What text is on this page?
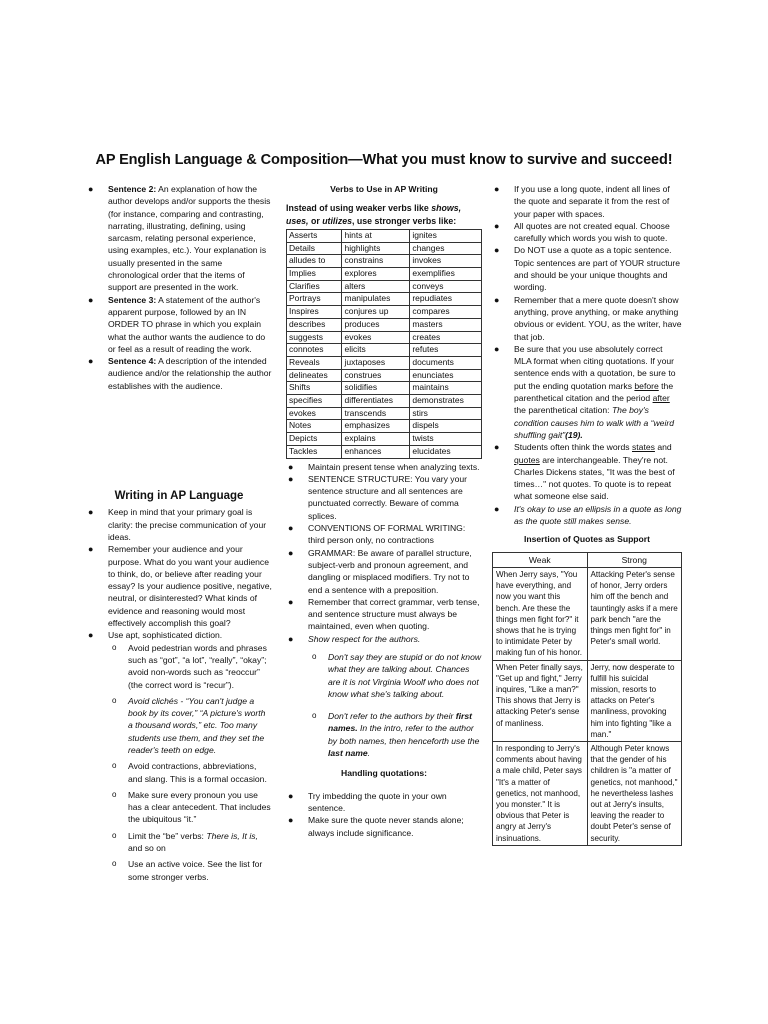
AP English Language & Composition—What you must know to survive and succeed!
● Sentence 2: An explanation of how the author develops and/or supports the thesis (for instance, comparing and contrasting, narrating, illustrating, defining, using sarcasm, relating personal experience, using examples, etc.). Your explanation is usually presented in the same chronological order that the items of support are presented in the work.
● Sentence 3: A statement of the author's apparent purpose, followed by an IN ORDER TO phrase in which you explain what the author wants the audience to do or feel as a result of reading the work.
● Sentence 4: A description of the intended audience and/or the relationship the author establishes with the audience.
Writing in AP Language
● Keep in mind that your primary goal is clarity: the precise communication of your ideas.
● Remember your audience and your purpose. What do you want your audience to think, do, or believe after reading your essay? Is your audience positive, negative, neutral, or disinterested? What kinds of evidence and reasoning would most effectively accomplish this goal?
● Use apt, sophisticated diction.
o Avoid pedestrian words and phrases such as “got”, “a lot”, “really”, “okay”; avoid non-words such as “reoccur” (the correct word is “recur”).
o Avoid clichés - “You can't judge a book by its cover,” “A picture's worth a thousand words,” etc. Too many students use them, and they set the reader's teeth on edge.
o Avoid contractions, abbreviations, and slang. This is a formal occasion.
o Make sure every pronoun you use has a clear antecedent. That includes the ubiquitous “it.”
o Limit the “be” verbs: There is, It is, and so on
o Use an active voice. See the list for some stronger verbs.
Verbs to Use in AP Writing
Instead of using weaker verbs like shows, uses, or utilizes, use stronger verbs like:
Asserts	hints at	ignites
Details	highlights	changes
alludes to	constrains	invokes
Implies	explores	exemplifies
Clarifies	alters	conveys
Portrays	manipulates	repudiates
Inspires	conjures up	compares
describes	produces	masters
suggests	evokes	creates
connotes	elicits	refutes
Reveals	juxtaposes	documents
delineates	construes	enunciates
Shifts	solidifies	maintains
specifies	differentiates	demonstrates
evokes	transcends	stirs
Notes	emphasizes	dispels
Depicts	explains	twists
Tackles	enhances	elucidates
● Maintain present tense when analyzing texts.
● SENTENCE STRUCTURE: You vary your sentence structure and all sentences are punctuated correctly. Beware of comma splices.
● CONVENTIONS OF FORMAL WRITING: third person only, no contractions
● GRAMMAR: Be aware of parallel structure, subject-verb and pronoun agreement, and dangling or misplaced modifiers. Try not to end a sentence with a preposition.
● Remember that correct grammar, verb tense, and sentence structure must always be maintained, even when quoting.
● Show respect for the authors.
o Don't say they are stupid or do not know what they are talking about. Chances are it is not Virginia Woolf who does not know what she's talking about.
o Don't refer to the authors by their first names. In the intro, refer to the author by both names, then henceforth use the last name.
Handling quotations:
● Try imbedding the quote in your own sentence.
● Make sure the quote never stands alone; always include significance.
● If you use a long quote, indent all lines of the quote and separate it from the rest of your paper with spaces.
● All quotes are not created equal. Choose carefully which words you wish to quote.
● Do NOT use a quote as a topic sentence. Topic sentences are part of YOUR structure and should be your unique thoughts and wording.
● Remember that a mere quote doesn't show anything, prove anything, or make anything obvious or evident. YOU, as the writer, have that job.
● Be sure that you use absolutely correct MLA format when citing quotations. If your sentence ends with a quotation, be sure to put the ending quotation marks before the parenthetical citation and the period after the parenthetical citation: The boy's condition causes him to walk with a “weird shuffling gait”(19).
● Students often think the words states and quotes are interchangeable. They're not. Charles Dickens states, "It was the best of times…" not quotes. To quote is to repeat what someone else said.
● It's okay to use an ellipsis in a quote as long as the quote still makes sense.
Insertion of Quotes as Support
Weak	Strong
When Jerry says, "You have everything, and now you want this bench. Are these the things men fight for?" it shows that he is trying to intimidate Peter by making fun of his honor.	Attacking Peter's sense of honor, Jerry orders him off the bench and tauntingly asks if a mere park bench "are the things men fight for" in Peter's small world.
When Peter finally says, "Get up and fight," Jerry inquires, "Like a man?" This shows that Jerry is attacking Peter's sense of manliness.	Jerry, now desperate to fulfill his suicidal mission, resorts to attacks on Peter's manliness, provoking him into fighting "like a man."
In responding to Jerry's comments about having a male child, Peter says "It's a matter of genetics, not manhood, you monster." It is obvious that Peter is angry at Jerry's insinuations.	Although Peter knows that the gender of his children is "a matter of genetics, not manhood," he nevertheless lashes out at Jerry's insults, leaving the reader to doubt Peter's sense of security.
